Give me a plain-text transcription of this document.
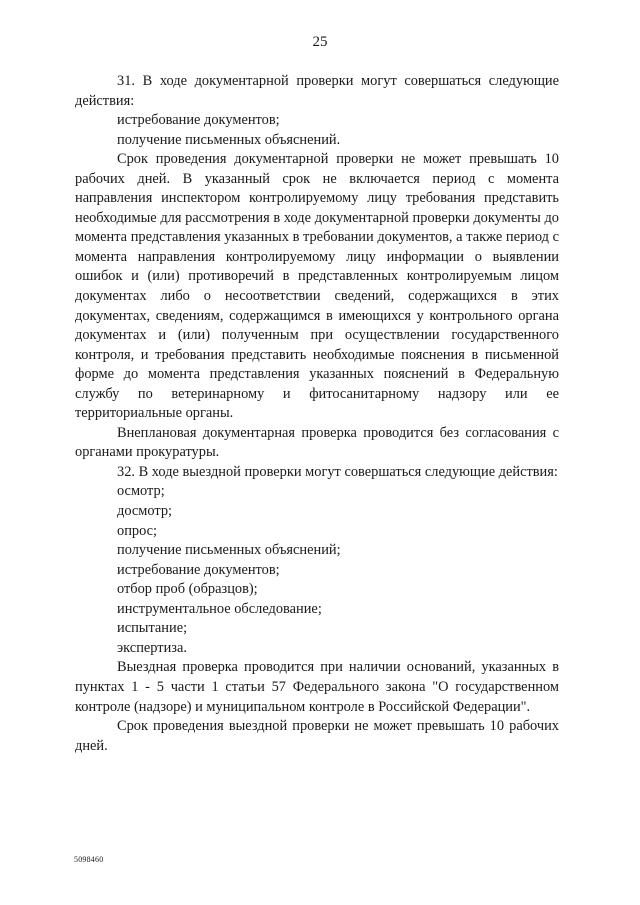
25

31. В ходе документарной проверки могут совершаться следующие действия:

истребование документов;

получение письменных объяснений.

Срок проведения документарной проверки не может превышать 10 рабочих дней. В указанный срок не включается период с момента направления инспектором контролируемому лицу требования представить необходимые для рассмотрения в ходе документарной проверки документы до момента представления указанных в требовании документов, а также период с момента направления контролируемому лицу информации о выявлении ошибок и (или) противоречий в представленных контролируемым лицом документах либо о несоответствии сведений, содержащихся в этих документах, сведениям, содержащимся в имеющихся у контрольного органа документах и (или) полученным при осуществлении государственного контроля, и требования представить необходимые пояснения в письменной форме до момента представления указанных пояснений в Федеральную службу по ветеринарному и фитосанитарному надзору или ее территориальные органы.

Внеплановая документарная проверка проводится без согласования с органами прокуратуры.

32. В ходе выездной проверки могут совершаться следующие действия:

осмотр;

досмотр;

опрос;

получение письменных объяснений;

истребование документов;

отбор проб (образцов);

инструментальное обследование;

испытание;

экспертиза.

Выездная проверка проводится при наличии оснований, указанных в пунктах 1 - 5 части 1 статьи 57 Федерального закона "О государственном контроле (надзоре) и муниципальном контроле в Российской Федерации".

Срок проведения выездной проверки не может превышать 10 рабочих дней.

5098460
